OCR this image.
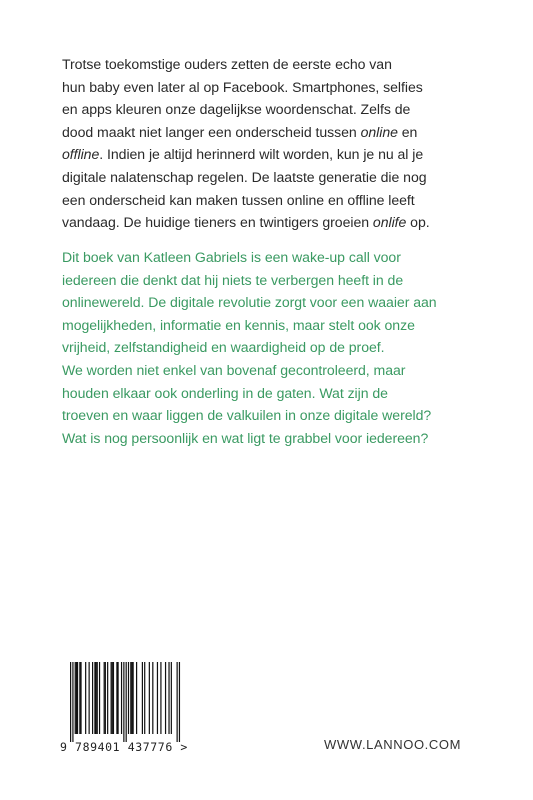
Trotse toekomstige ouders zetten de eerste echo van
hun baby even later al op Facebook. Smartphones, selfies
en apps kleuren onze dagelijkse woordenschat. Zelfs de
dood maakt niet langer een onderscheid tussen online en
offline. Indien je altijd herinnerd wilt worden, kun je nu al je
digitale nalatenschap regelen. De laatste generatie die nog
een onderscheid kan maken tussen online en offline leeft
vandaag. De huidige tieners en twintigers groeien onlife op.
Dit boek van Katleen Gabriels is een wake-up call voor
iedereen die denkt dat hij niets te verbergen heeft in de
onlinewereld. De digitale revolutie zorgt voor een waaier aan
mogelijkheden, informatie en kennis, maar stelt ook onze
vrijheid, zelfstandigheid en waardigheid op de proef.
We worden niet enkel van bovenaf gecontroleerd, maar
houden elkaar ook onderling in de gaten. Wat zijn de
troeven en waar liggen de valkuilen in onze digitale wereld?
Wat is nog persoonlijk en wat ligt te grabbel voor iedereen?
9 789401 437776 >	WWW.LANNOO.COM
